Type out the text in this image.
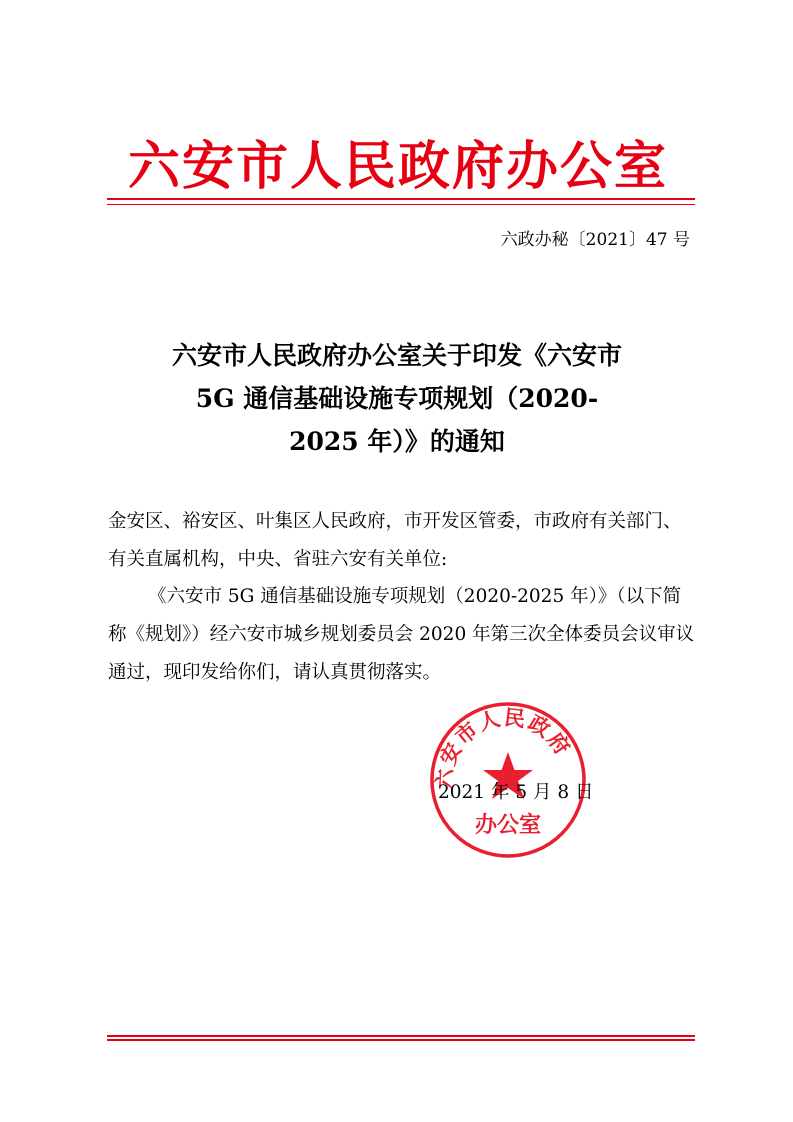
六安市人民政府办公室
六政办秘〔2021〕47 号
六安市人民政府办公室关于印发《六安市
5G 通信基础设施专项规划（2020-
2025 年）》的通知
金安区、裕安区、叶集区人民政府，市开发区管委，市政府有关部门、有关直属机构，中央、省驻六安有关单位:
《六安市 5G 通信基础设施专项规划（2020-2025 年）》（以下简称《规划》）经六安市城乡规划委员会 2020 年第三次全体委员会议审议通过，现印发给你们，请认真贯彻落实。
六安市人民政府
办公室
2021 年 5 月 8 日
